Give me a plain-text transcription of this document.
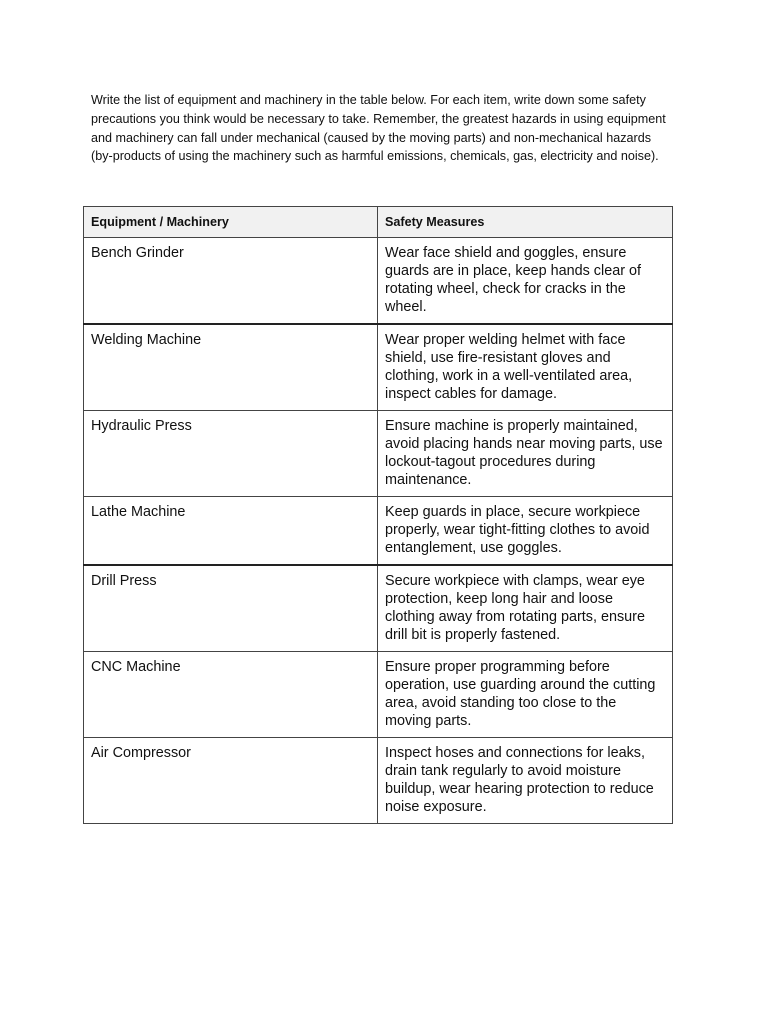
Write the list of equipment and machinery in the table below. For each item, write down some safety precautions you think would be necessary to take. Remember, the greatest hazards in using equipment and machinery can fall under mechanical (caused by the moving parts) and non-mechanical hazards (by-products of using the machinery such as harmful emissions, chemicals, gas, electricity and noise).

Equipment / Machinery	Safety Measures
Bench Grinder	Wear face shield and goggles, ensure guards are in place, keep hands clear of rotating wheel, check for cracks in the wheel.
Welding Machine	Wear proper welding helmet with face shield, use fire-resistant gloves and clothing, work in a well-ventilated area, inspect cables for damage.
Hydraulic Press	Ensure machine is properly maintained, avoid placing hands near moving parts, use lockout-tagout procedures during maintenance.
Lathe Machine	Keep guards in place, secure workpiece properly, wear tight-fitting clothes to avoid entanglement, use goggles.
Drill Press	Secure workpiece with clamps, wear eye protection, keep long hair and loose clothing away from rotating parts, ensure drill bit is properly fastened.
CNC Machine	Ensure proper programming before operation, use guarding around the cutting area, avoid standing too close to the moving parts.
Air Compressor	Inspect hoses and connections for leaks, drain tank regularly to avoid moisture buildup, wear hearing protection to reduce noise exposure.
